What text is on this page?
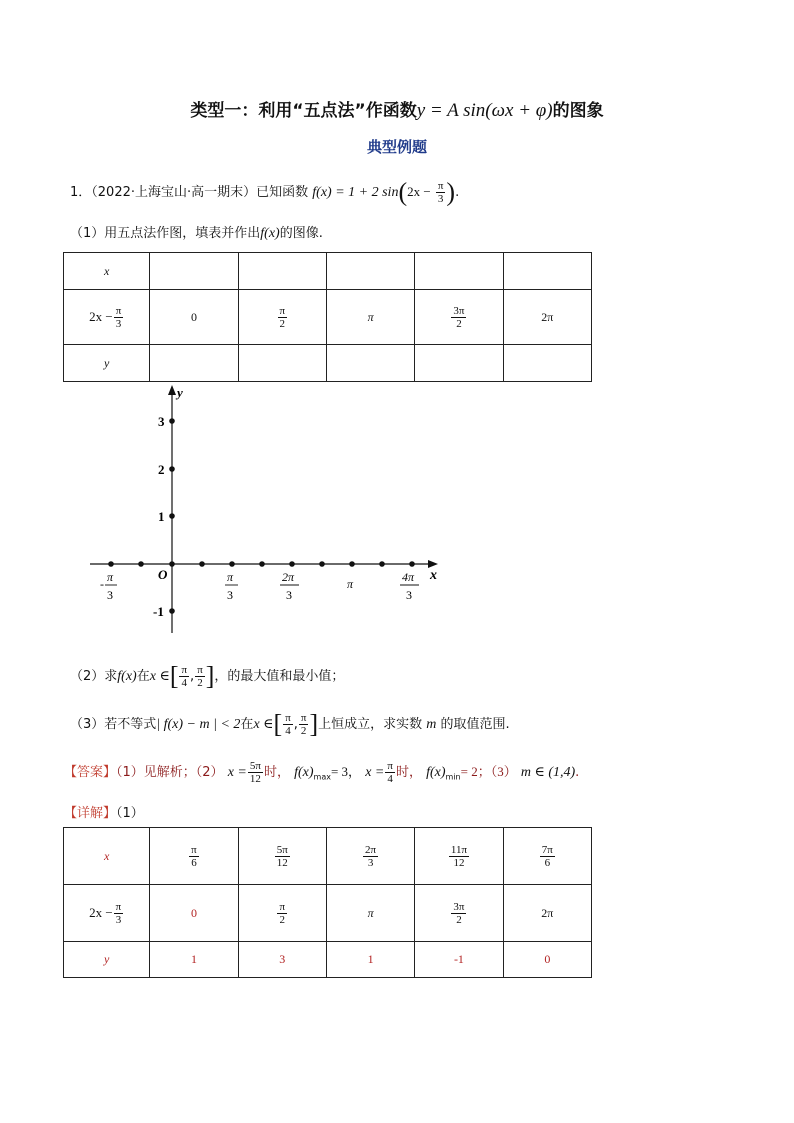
类型一：利用“五点法”作函数y = A sin(ωx + φ)的图象
典型例题
1．（2022·上海宝山·高一期末）已知函数 f(x) = 1 + 2 $\sin(2x - \frac{\pi}{3}$ ).
（1）用五点法作图，填表并作出f(x)的图像.
x					
$2x - \frac{\pi}{3}$	0	$\frac{\pi}{2}$	π	$\frac{3\pi}{2}$	2π
y					
y
x
3
2
1
-1
O
- π
3
π
3
2π
3
π	4π
3
（2）求f(x)在x ∈[ $\frac{\pi}{4}$ , $\frac{\pi}{2}$ ]，的最大值和最小值；
（3）若不等式| f(x) − m | < 2在x ∈[ $\frac{\pi}{4}$ , $\frac{\pi}{2}$ ]上恒成立，求实数 m 的取值范围.
【答案】（1）见解析；（2） $x = \frac{5\pi}{12}$ 时， $f(x)_{max}= 3$， $x = \frac{\pi}{4}$ 时， $f(x)_{min}= 2$；（3） m ∈ (1,4).
【详解】（1）
x	$\frac{\pi}{6}$	$\frac{5\pi}{12}$	$\frac{2\pi}{3}$	$\frac{11\pi}{12}$	$\frac{7\pi}{6}$

$2x - \frac{\pi}{3}$	0	$\frac{\pi}{2}$	π	$\frac{3\pi}{2}$	2π
y	1	3	1	-1	0
